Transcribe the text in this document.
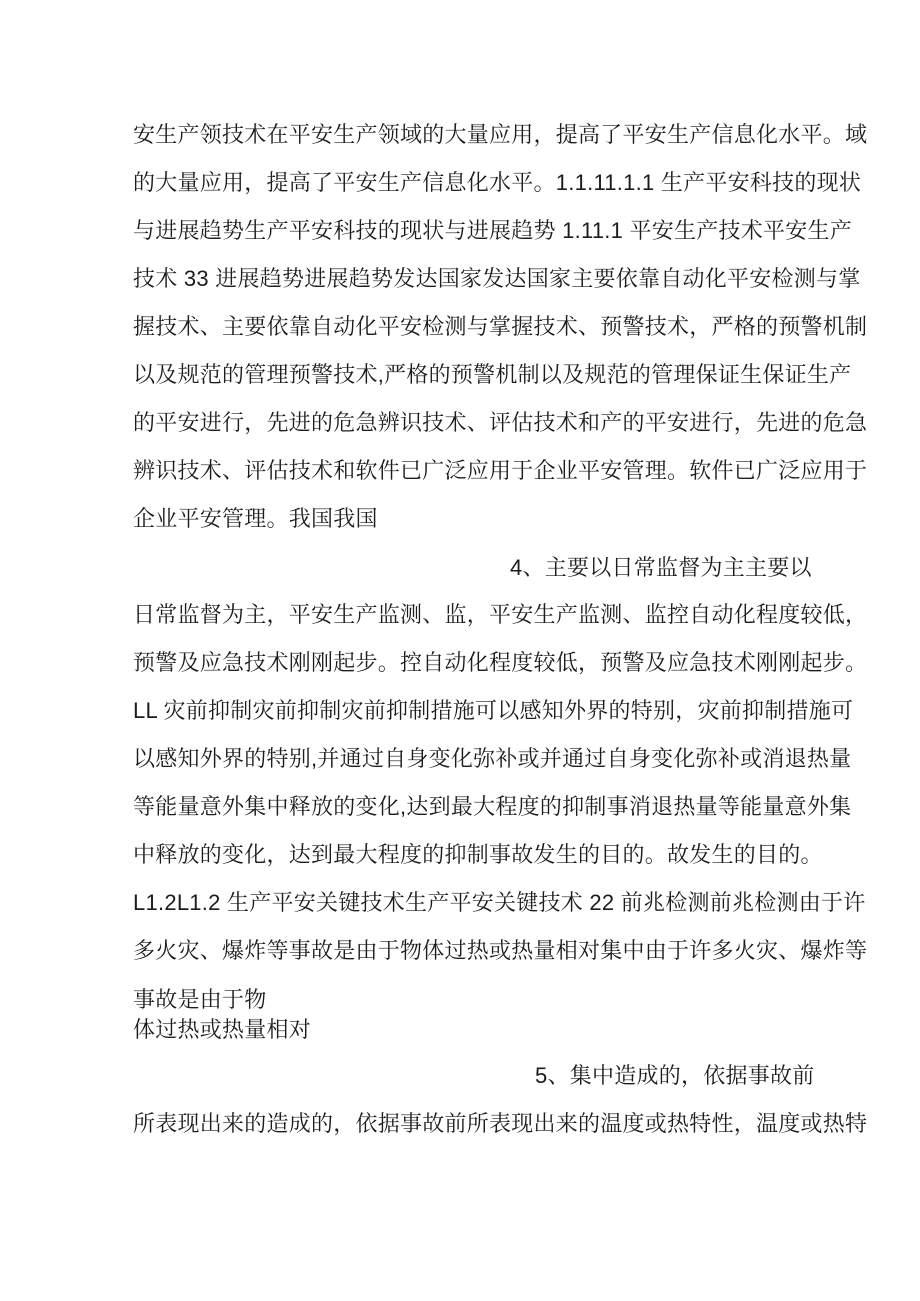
安生产领技术在平安生产领域的大量应用，提高了平安生产信息化水平。域
的大量应用，提高了平安生产信息化水平。1.1.11.1.1 生产平安科技的现状
与进展趋势生产平安科技的现状与进展趋势 1.11.1 平安生产技术平安生产
技术 33 进展趋势进展趋势发达国家发达国家主要依靠自动化平安检测与掌
握技术、主要依靠自动化平安检测与掌握技术、预警技术，严格的预警机制
以及规范的管理预警技术,严格的预警机制以及规范的管理保证生保证生产
的平安进行，先进的危急辨识技术、评估技术和产的平安进行，先进的危急
辨识技术、评估技术和软件已广泛应用于企业平安管理。软件已广泛应用于
企业平安管理。我国我国
4、主要以日常监督为主主要以
日常监督为主，平安生产监测、监，平安生产监测、监控自动化程度较低，
预警及应急技术刚刚起步。控自动化程度较低，预警及应急技术刚刚起步。
LL 灾前抑制灾前抑制灾前抑制措施可以感知外界的特别，灾前抑制措施可
以感知外界的特别,并通过自身变化弥补或并通过自身变化弥补或消退热量
等能量意外集中释放的变化,达到最大程度的抑制事消退热量等能量意外集
中释放的变化，达到最大程度的抑制事故发生的目的。故发生的目的。
L1.2L1.2 生产平安关键技术生产平安关键技术 22 前兆检测前兆检测由于许
多火灾、爆炸等事故是由于物体过热或热量相对集中由于许多火灾、爆炸等
事故是由于物
体过热或热量相对
5、集中造成的，依据事故前
所表现出来的造成的，依据事故前所表现出来的温度或热特性，温度或热特
